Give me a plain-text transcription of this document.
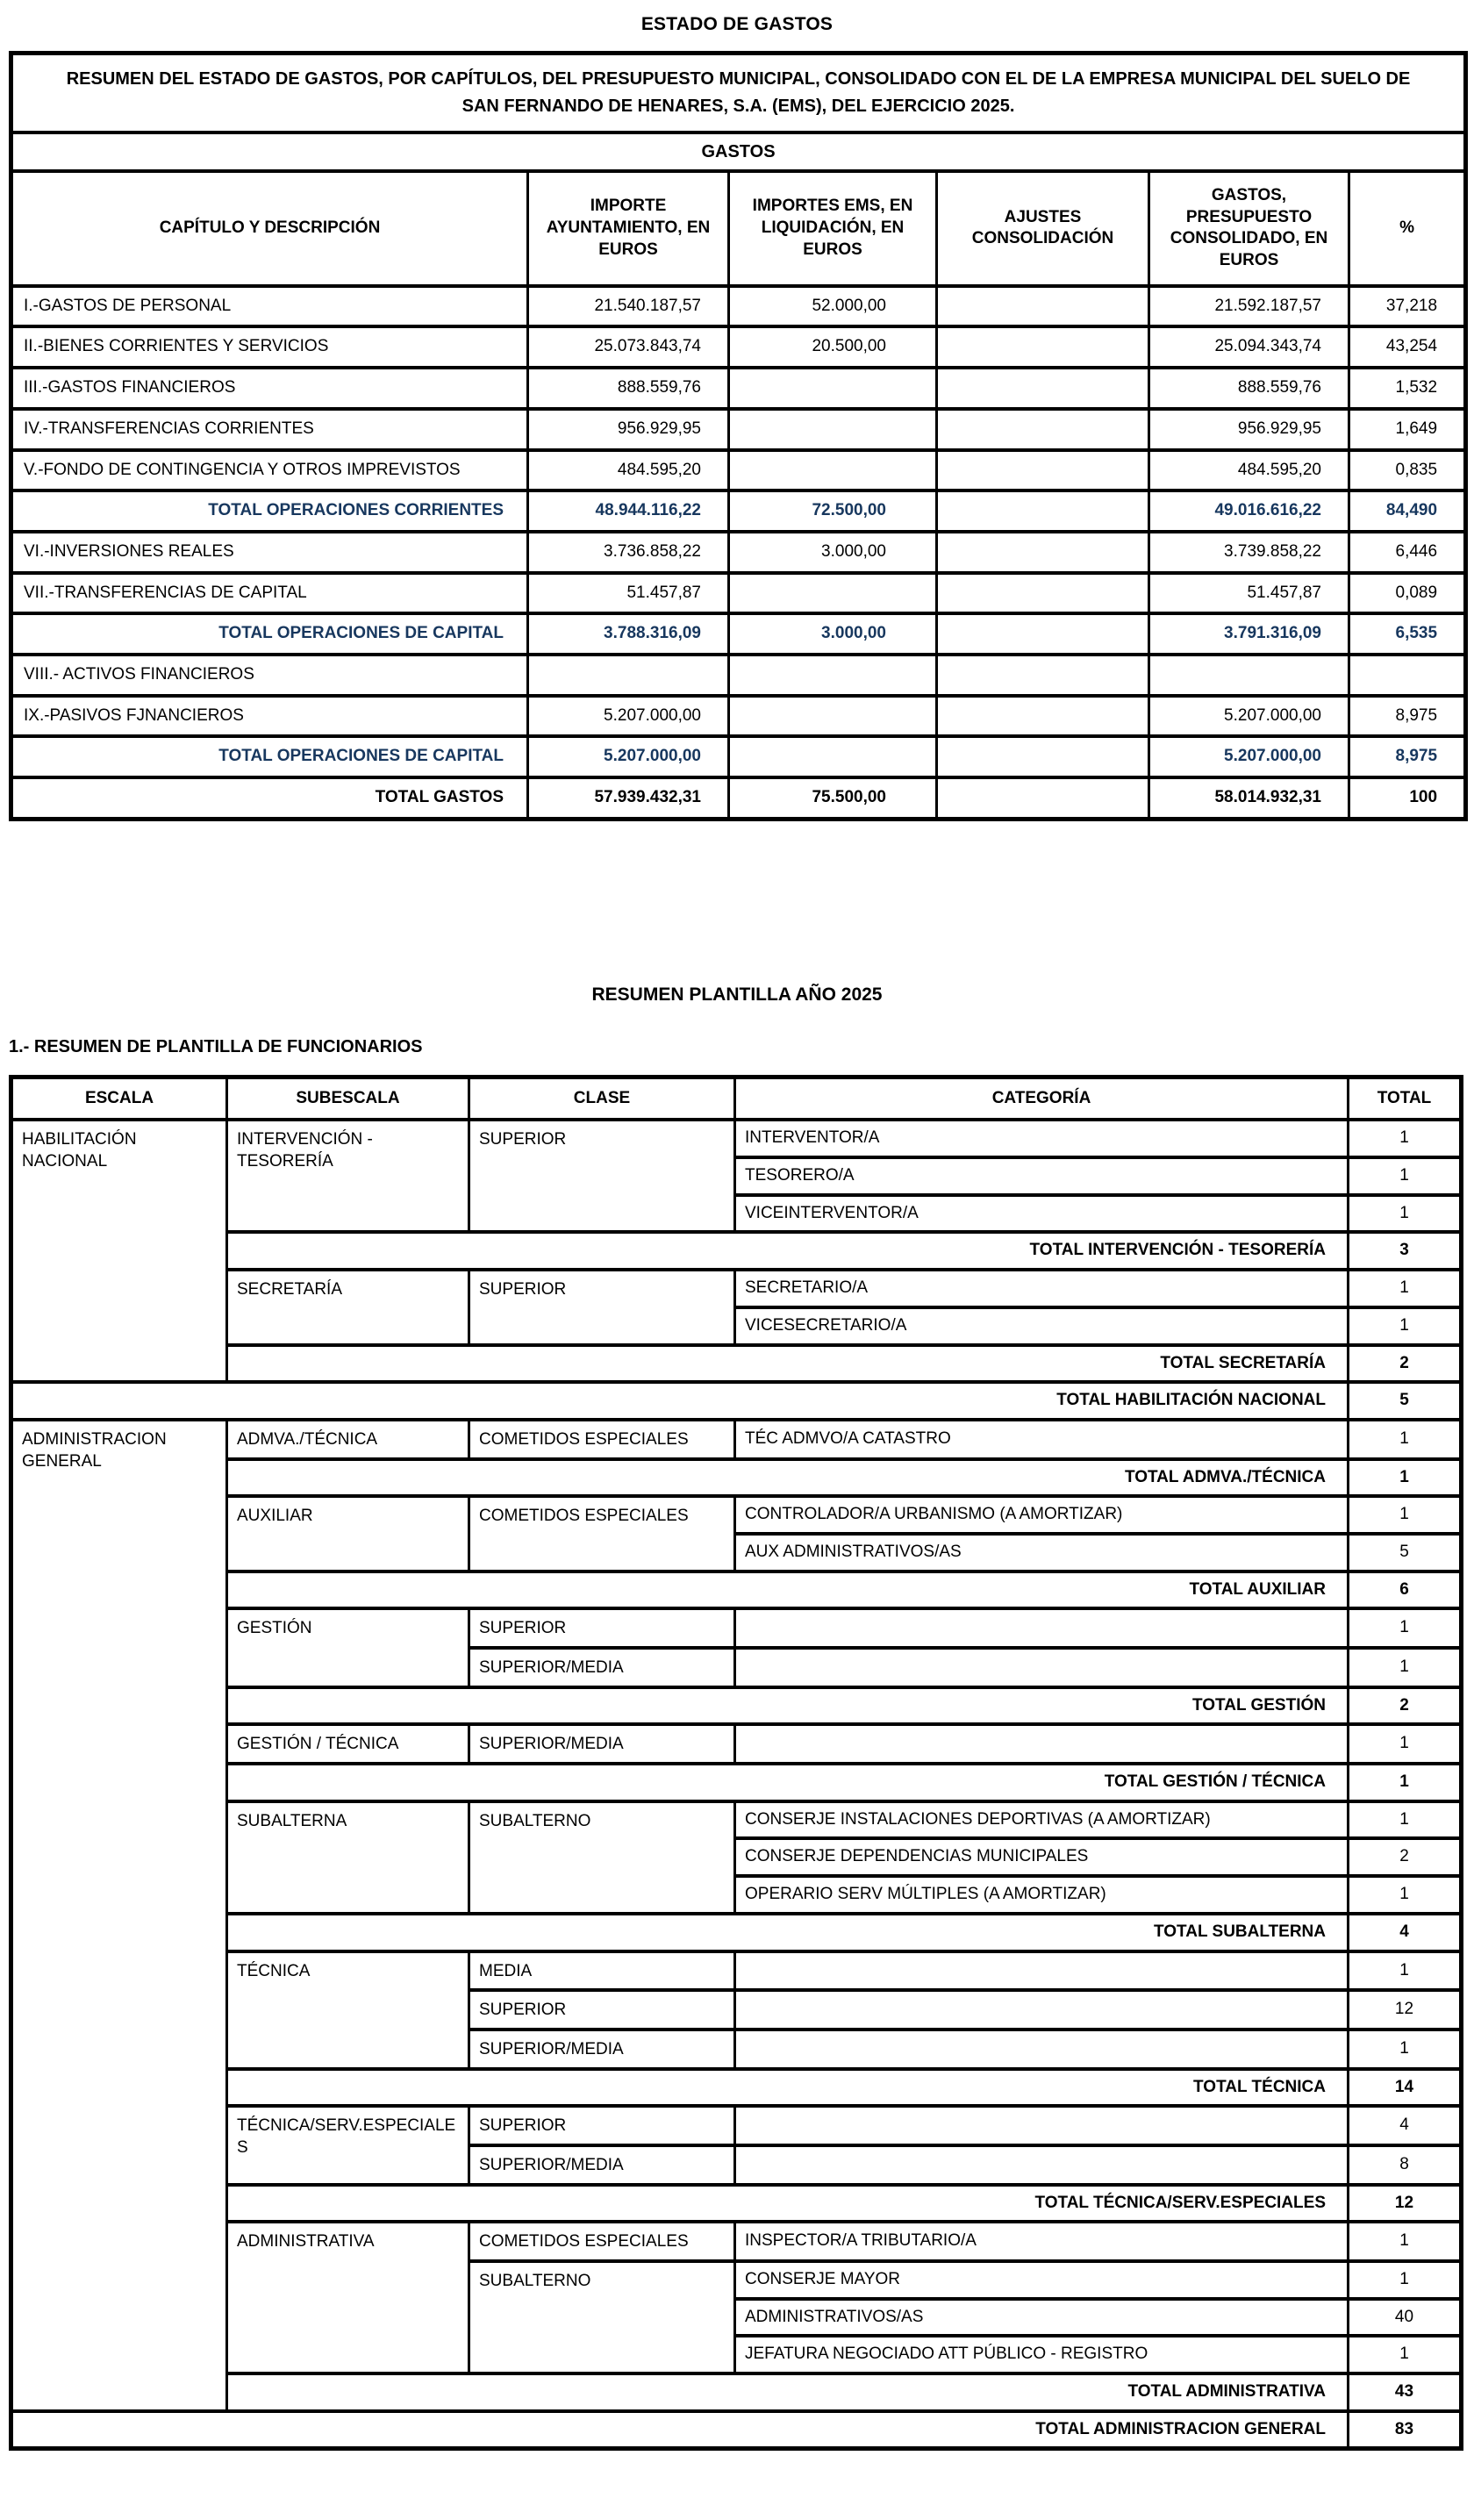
ESTADO DE GASTOS
RESUMEN DEL ESTADO DE GASTOS, POR CAPÍTULOS, DEL PRESUPUESTO MUNICIPAL, CONSOLIDADO CON EL DE LA EMPRESA MUNICIPAL DEL SUELO DE SAN FERNANDO DE HENARES, S.A. (EMS), DEL EJERCICIO 2025.					
GASTOS					
CAPÍTULO Y DESCRIPCIÓN	IMPORTE AYUNTAMIENTO, EN EUROS	IMPORTES EMS, EN LIQUIDACIÓN, EN EUROS	AJUSTES CONSOLIDACIÓN	GASTOS, PRESUPUESTO CONSOLIDADO, EN EUROS	%
I.-GASTOS DE PERSONAL	21.540.187,57	52.000,00		21.592.187,57	37,218
II.-BIENES CORRIENTES Y SERVICIOS	25.073.843,74	20.500,00		25.094.343,74	43,254
III.-GASTOS FINANCIEROS	888.559,76			888.559,76	1,532
IV.-TRANSFERENCIAS CORRIENTES	956.929,95			956.929,95	1,649
V.-FONDO DE CONTINGENCIA Y OTROS IMPREVISTOS	484.595,20			484.595,20	0,835
TOTAL OPERACIONES CORRIENTES	48.944.116,22	72.500,00		49.016.616,22	84,490
VI.-INVERSIONES REALES	3.736.858,22	3.000,00		3.739.858,22	6,446
VII.-TRANSFERENCIAS DE CAPITAL	51.457,87			51.457,87	0,089
TOTAL OPERACIONES DE CAPITAL	3.788.316,09	3.000,00		3.791.316,09	6,535
VIII.- ACTIVOS FINANCIEROS					
IX.-PASIVOS FJNANCIEROS	5.207.000,00			5.207.000,00	8,975
TOTAL OPERACIONES DE CAPITAL	5.207.000,00			5.207.000,00	8,975
TOTAL GASTOS	57.939.432,31	75.500,00		58.014.932,31	100
RESUMEN PLANTILLA AÑO 2025
1.- RESUMEN DE PLANTILLA DE FUNCIONARIOS
ESCALA	SUBESCALA	CLASE	CATEGORÍA	TOTAL
HABILITACIÓN NACIONAL	INTERVENCIÓN - TESORERÍA	SUPERIOR	INTERVENTOR/A	1
			TESORERO/A	1
			VICEINTERVENTOR/A	1
	TOTAL INTERVENCIÓN - TESORERÍA			3
	SECRETARÍA	SUPERIOR	SECRETARIO/A	1
			VICESECRETARIO/A	1
	TOTAL SECRETARÍA			2
TOTAL HABILITACIÓN NACIONAL				5
ADMINISTRACION GENERAL	ADMVA./TÉCNICA	COMETIDOS ESPECIALES	TÉC ADMVO/A CATASTRO	1
	TOTAL ADMVA./TÉCNICA			1
	AUXILIAR	COMETIDOS ESPECIALES	CONTROLADOR/A URBANISMO (A AMORTIZAR)	1
			AUX ADMINISTRATIVOS/AS	5
	TOTAL AUXILIAR			6
	GESTIÓN	SUPERIOR		1
		SUPERIOR/MEDIA		1
	TOTAL GESTIÓN			2
	GESTIÓN / TÉCNICA	SUPERIOR/MEDIA		1
	TOTAL GESTIÓN / TÉCNICA			1
	SUBALTERNA	SUBALTERNO	CONSERJE INSTALACIONES DEPORTIVAS (A AMORTIZAR)	1
			CONSERJE DEPENDENCIAS MUNICIPALES	2
			OPERARIO SERV MÚLTIPLES (A AMORTIZAR)	1
	TOTAL SUBALTERNA			4
	TÉCNICA	MEDIA		1
		SUPERIOR		12
		SUPERIOR/MEDIA		1
	TOTAL TÉCNICA			14
	TÉCNICA/SERV.ESPECIALES	SUPERIOR		4
		SUPERIOR/MEDIA		8
	TOTAL TÉCNICA/SERV.ESPECIALES			12
	ADMINISTRATIVA	COMETIDOS ESPECIALES	INSPECTOR/A TRIBUTARIO/A	1
		SUBALTERNO	CONSERJE MAYOR	1
			ADMINISTRATIVOS/AS	40
			JEFATURA NEGOCIADO ATT PÚBLICO - REGISTRO	1
	TOTAL ADMINISTRATIVA			43
TOTAL ADMINISTRACION GENERAL				83
